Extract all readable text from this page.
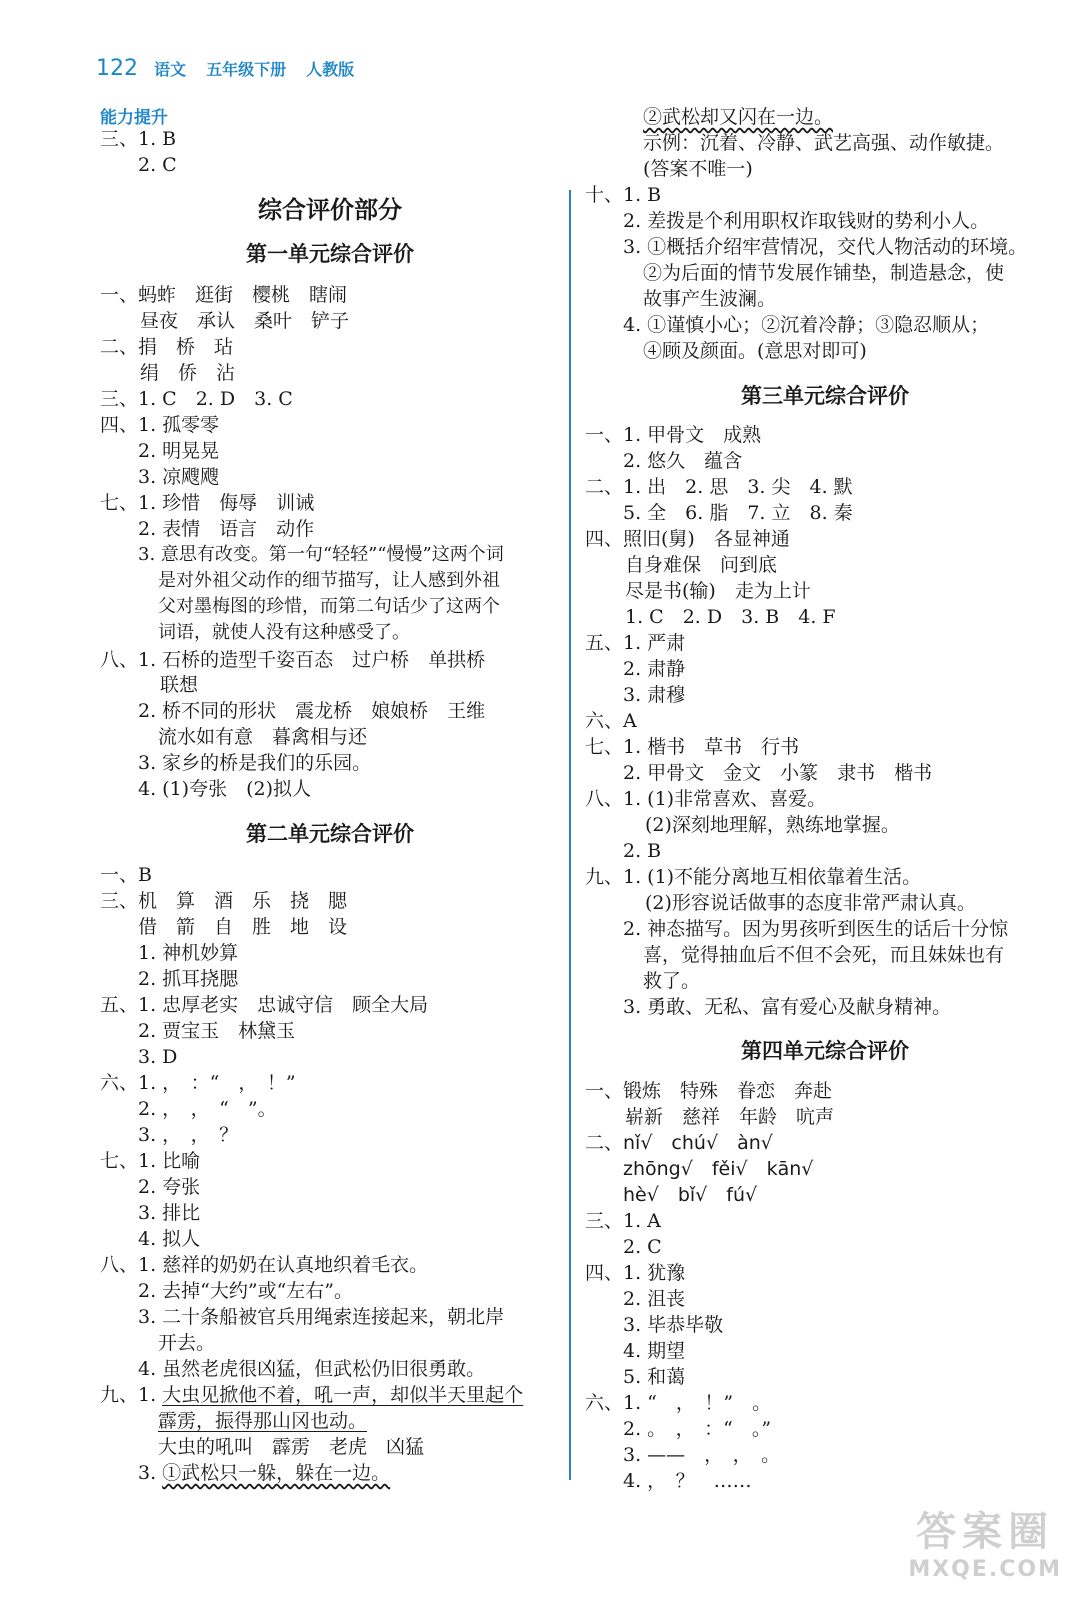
122 语文 五年级下册 人教版
能力提升
三、1. B
2. C
综合评价部分
第一单元综合评价
一、蚂蚱　逛街　樱桃　瞎闹
昼夜　承认　桑叶　铲子
二、捐　桥　玷
绢　侨　沾
三、1. C　2. D　3. C
四、1. 孤零零
2. 明晃晃
3. 凉飕飕
七、1. 珍惜　侮辱　训诫
2. 表情　语言　动作
3. 意思有改变。第一句“轻轻”“慢慢”这两个词
是对外祖父动作的细节描写，让人感到外祖
父对墨梅图的珍惜，而第二句话少了这两个
词语，就使人没有这种感受了。
八、1. 石桥的造型千姿百态　过户桥　单拱桥
联想
2. 桥不同的形状　震龙桥　娘娘桥　王维
流水如有意　暮禽相与还
3. 家乡的桥是我们的乐园。
4. (1)夸张　(2)拟人
第二单元综合评价
一、B
三、机　算　酒　乐　挠　腮
借　箭　自　胜　地　设
1. 神机妙算
2. 抓耳挠腮
五、1. 忠厚老实　忠诚守信　顾全大局
2. 贾宝玉　林黛玉
3. D
六、1. ，　：“　，　！”
2. ，　，　“　”。
3. ，　，　？
七、1. 比喻
2. 夸张
3. 排比
4. 拟人
八、1. 慈祥的奶奶在认真地织着毛衣。
2. 去掉“大约”或“左右”。
3. 二十条船被官兵用绳索连接起来，朝北岸
开去。
4. 虽然老虎很凶猛，但武松仍旧很勇敢。
九、1. 大虫见掀他不着，吼一声，却似半天里起个
霹雳，振得那山冈也动。
大虫的吼叫　霹雳　老虎　凶猛
3. ①武松只一躲，躲在一边。
②武松却又闪在一边。
示例：沉着、冷静、武艺高强、动作敏捷。
(答案不唯一)
十、1. B
2. 差拨是个利用职权诈取钱财的势利小人。
3. ①概括介绍牢营情况，交代人物活动的环境。
②为后面的情节发展作铺垫，制造悬念，使
故事产生波澜。
4. ①谨慎小心；②沉着冷静；③隐忍顺从；
④顾及颜面。(意思对即可)
第三单元综合评价
一、1. 甲骨文　成熟
2. 悠久　蕴含
二、1. 出　2. 思　3. 尖　4. 默
5. 全　6. 脂　7. 立　8. 秦
四、照旧(舅)　各显神通
自身难保　问到底
尽是书(输)　走为上计
1. C　2. D　3. B　4. F
五、1. 严肃
2. 肃静
3. 肃穆
六、A
七、1. 楷书　草书　行书
2. 甲骨文　金文　小篆　隶书　楷书
八、1. (1)非常喜欢、喜爱。
(2)深刻地理解，熟练地掌握。
2. B
九、1. (1)不能分离地互相依靠着生活。
(2)形容说话做事的态度非常严肃认真。
2. 神态描写。因为男孩听到医生的话后十分惊
喜，觉得抽血后不但不会死，而且妹妹也有
救了。
3. 勇敢、无私、富有爱心及献身精神。
第四单元综合评价
一、锻炼　特殊　眷恋　奔赴
崭新　慈祥　年龄　吭声
二、nǐ√　chú√　àn√
zhōng√　fěi√　kān√
hè√　bǐ√　fú√
三、1. A
2. C
四、1. 犹豫
2. 沮丧
3. 毕恭毕敬
4. 期望
5. 和蔼
六、1. “　，　！”　。
2. 。　，　：“　。”
3. ——　，　，　。
4. ，　？　……
答案圈
MXQE.COM
